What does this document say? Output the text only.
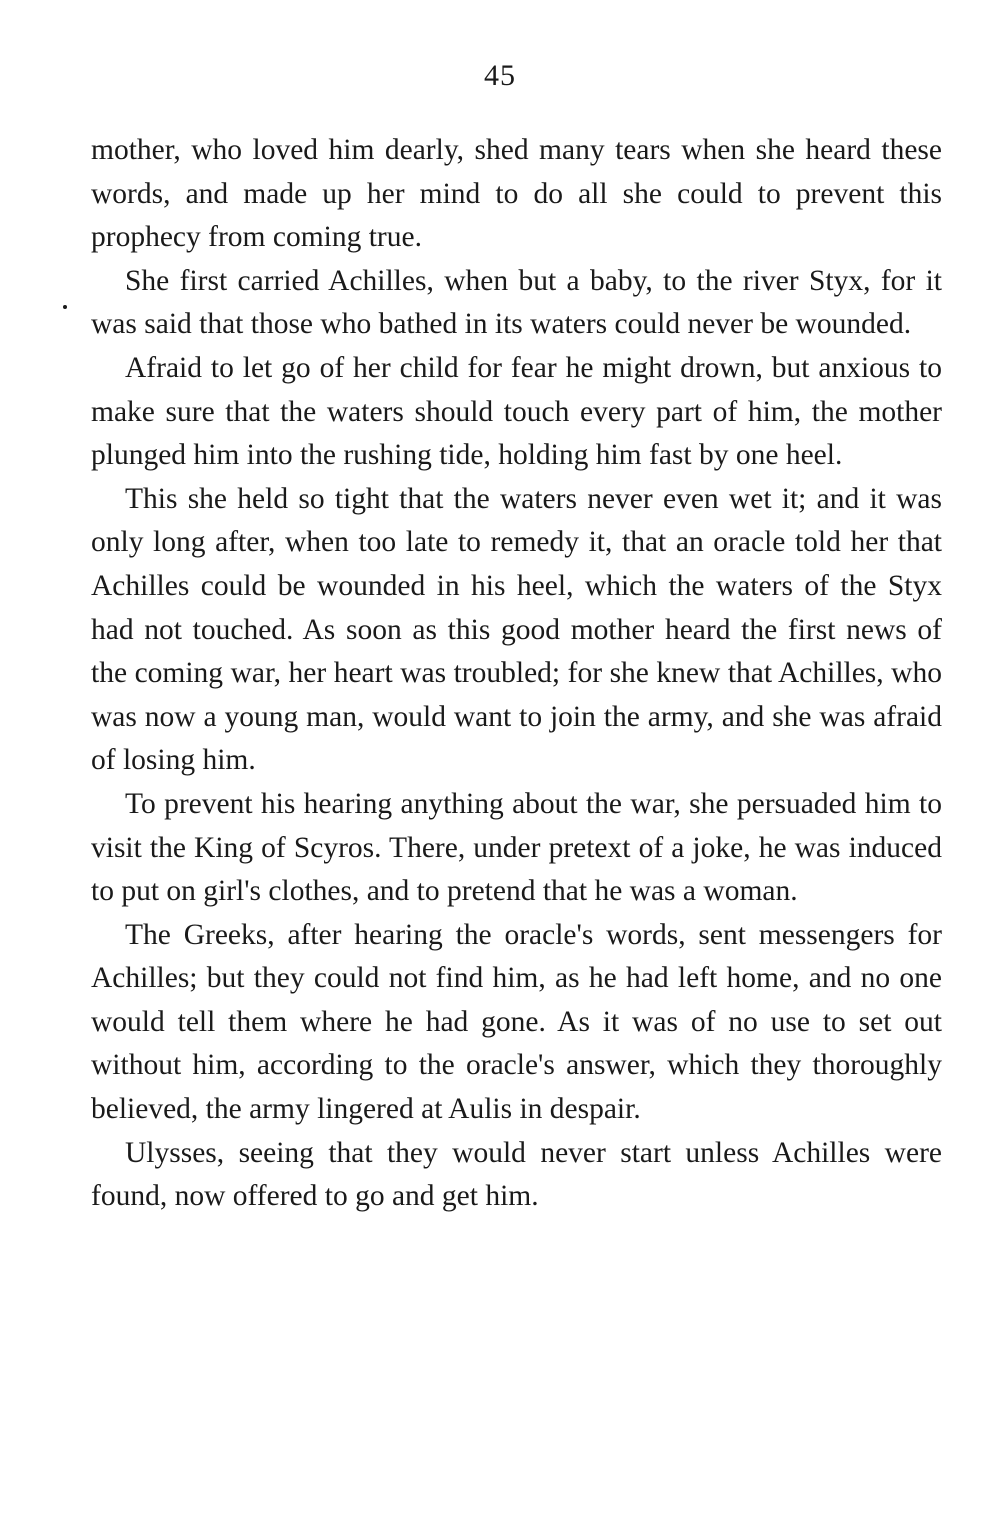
45

mother, who loved him dearly, shed many tears when she heard these words, and made up her mind to do all she could to prevent this prophecy from coming true.

She first carried Achilles, when but a baby, to the river Styx, for it was said that those who bathed in its waters could never be wounded.

Afraid to let go of her child for fear he might drown, but anxious to make sure that the waters should touch every part of him, the mother plunged him into the rushing tide, holding him fast by one heel.

This she held so tight that the waters never even wet it; and it was only long after, when too late to remedy it, that an oracle told her that Achilles could be wounded in his heel, which the waters of the Styx had not touched. As soon as this good mother heard the first news of the coming war, her heart was troubled; for she knew that Achilles, who was now a young man, would want to join the army, and she was afraid of losing him.

To prevent his hearing anything about the war, she persuaded him to visit the King of Scyros. There, under pretext of a joke, he was induced to put on girl's clothes, and to pretend that he was a woman.

The Greeks, after hearing the oracle's words, sent messengers for Achilles; but they could not find him, as he had left home, and no one would tell them where he had gone. As it was of no use to set out without him, according to the oracle's answer, which they thoroughly believed, the army lingered at Aulis in despair.

Ulysses, seeing that they would never start unless Achilles were found, now offered to go and get him.
